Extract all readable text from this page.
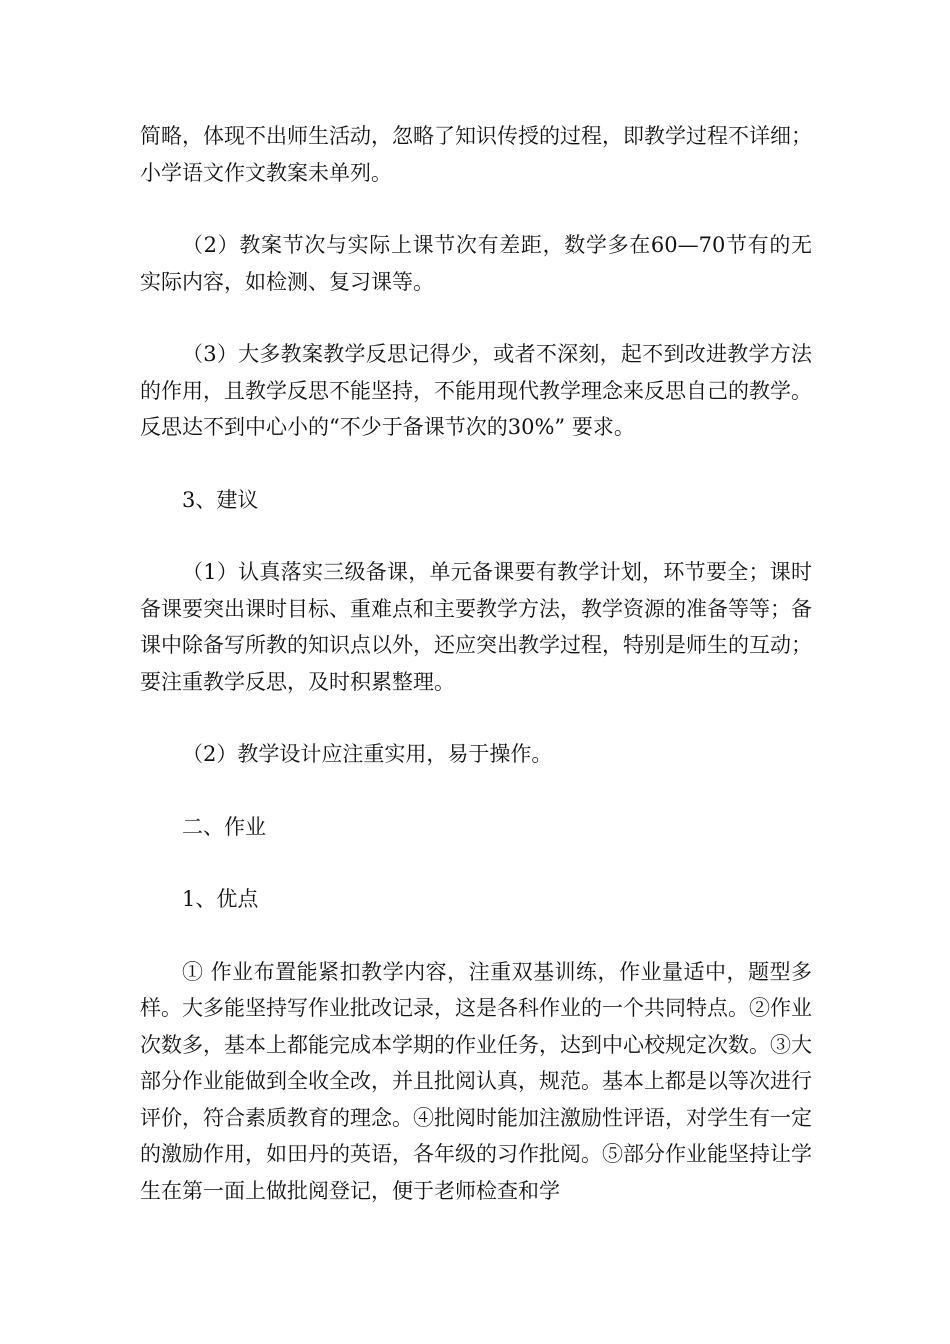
简略，体现不出师生活动，忽略了知识传授的过程，即教学过程不详细；小学语文作文教案未单列。

（2）教案节次与实际上课节次有差距，数学多在60—70节有的无实际内容，如检测、复习课等。

（3）大多教案教学反思记得少，或者不深刻，起不到改进教学方法的作用，且教学反思不能坚持，不能用现代教学理念来反思自己的教学。反思达不到中心小的“不少于备课节次的30%” 要求。

3、建议

（1）认真落实三级备课，单元备课要有教学计划，环节要全；课时备课要突出课时目标、重难点和主要教学方法，教学资源的准备等等；备课中除备写所教的知识点以外，还应突出教学过程，特别是师生的互动；要注重教学反思，及时积累整理。

（2）教学设计应注重实用，易于操作。

二、作业

1、优点

① 作业布置能紧扣教学内容，注重双基训练，作业量适中，题型多样。大多能坚持写作业批改记录，这是各科作业的一个共同特点。②作业次数多，基本上都能完成本学期的作业任务，达到中心校规定次数。③大部分作业能做到全收全改，并且批阅认真，规范。基本上都是以等次进行评价，符合素质教育的理念。④批阅时能加注激励性评语，对学生有一定的激励作用，如田丹的英语，各年级的习作批阅。⑤部分作业能坚持让学生在第一面上做批阅登记，便于老师检查和学
